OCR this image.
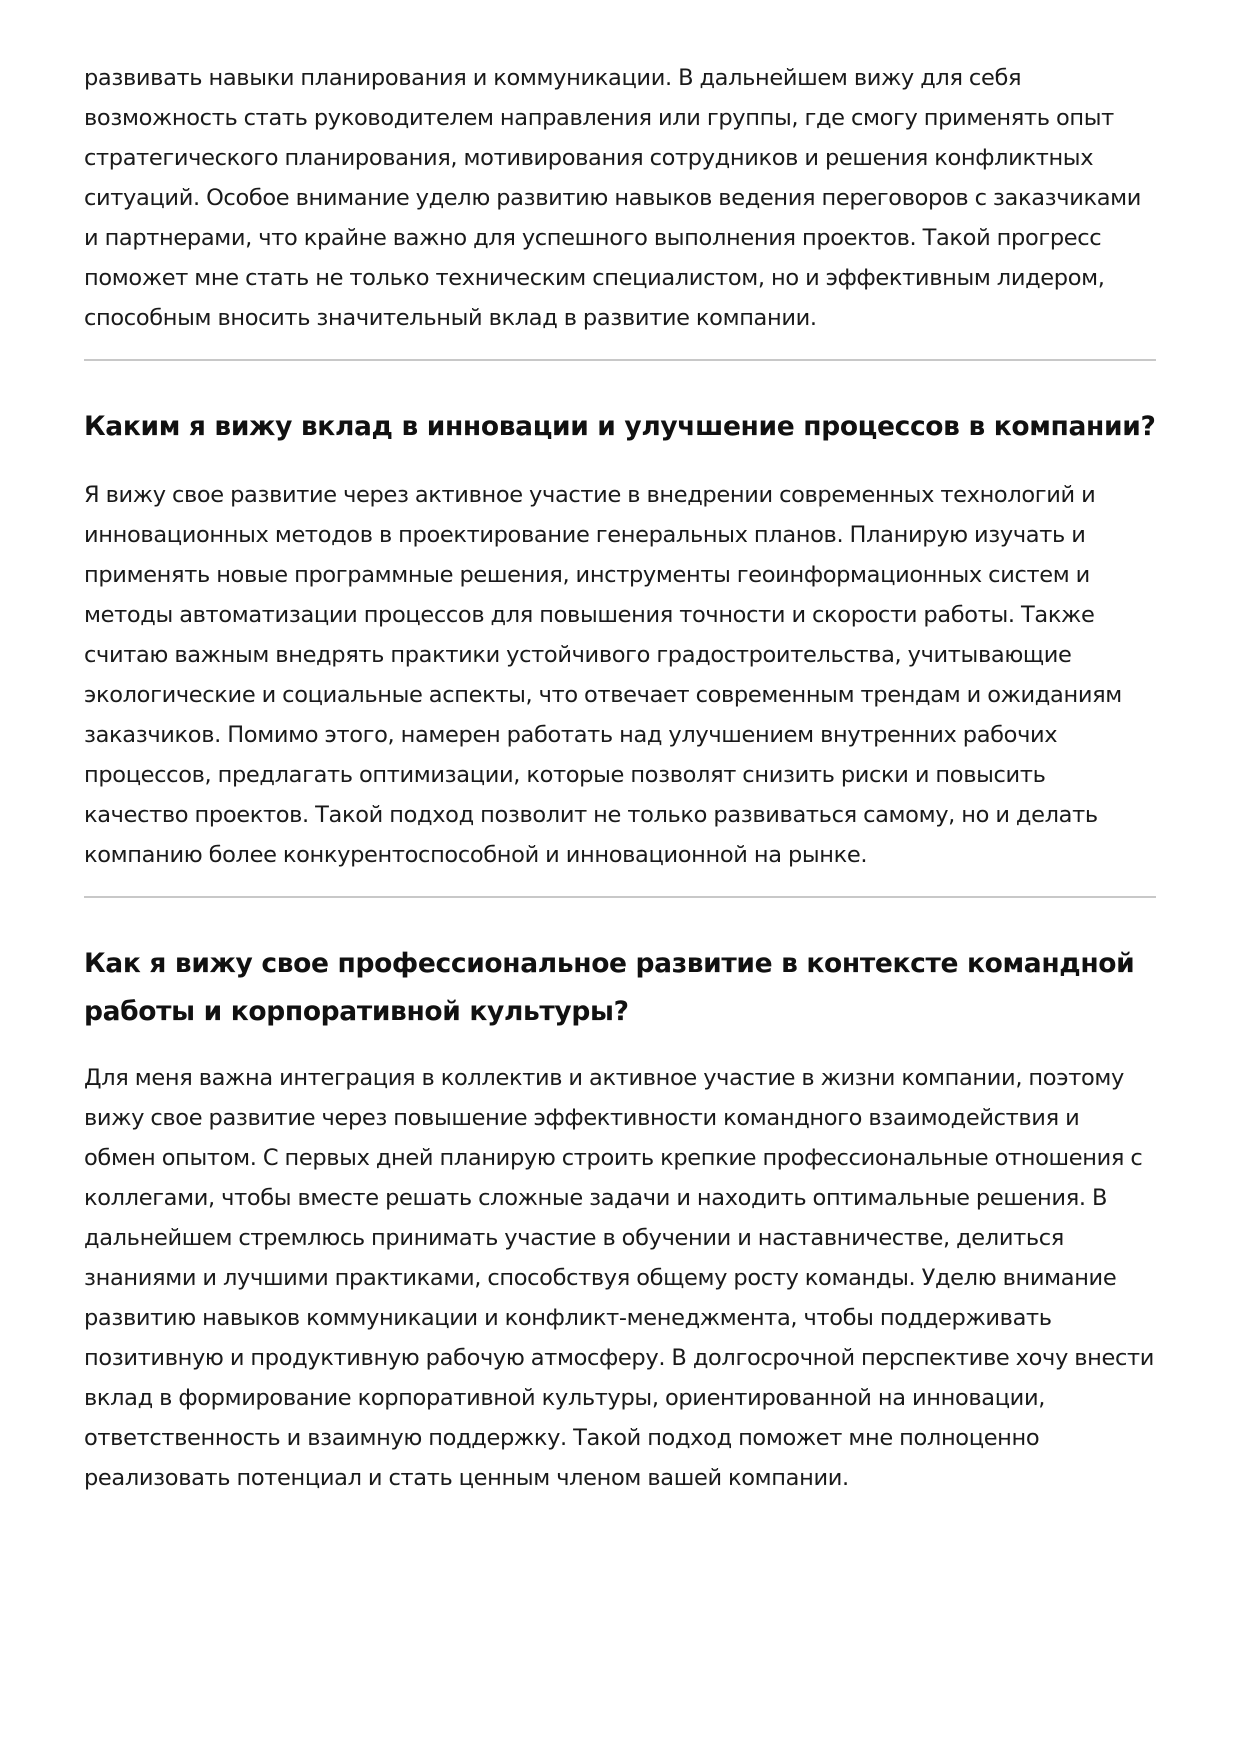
развивать навыки планирования и коммуникации. В дальнейшем вижу для себя возможность стать руководителем направления или группы, где смогу применять опыт стратегического планирования, мотивирования сотрудников и решения конфликтных ситуаций. Особое внимание уделю развитию навыков ведения переговоров с заказчиками и партнерами, что крайне важно для успешного выполнения проектов. Такой прогресс поможет мне стать не только техническим специалистом, но и эффективным лидером, способным вносить значительный вклад в развитие компании.

Каким я вижу вклад в инновации и улучшение процессов в компании?

Я вижу свое развитие через активное участие в внедрении современных технологий и инновационных методов в проектирование генеральных планов. Планирую изучать и применять новые программные решения, инструменты геоинформационных систем и методы автоматизации процессов для повышения точности и скорости работы. Также считаю важным внедрять практики устойчивого градостроительства, учитывающие экологические и социальные аспекты, что отвечает современным трендам и ожиданиям заказчиков. Помимо этого, намерен работать над улучшением внутренних рабочих процессов, предлагать оптимизации, которые позволят снизить риски и повысить качество проектов. Такой подход позволит не только развиваться самому, но и делать компанию более конкурентоспособной и инновационной на рынке.

Как я вижу свое профессиональное развитие в контексте командной работы и корпоративной культуры?

Для меня важна интеграция в коллектив и активное участие в жизни компании, поэтому вижу свое развитие через повышение эффективности командного взаимодействия и обмен опытом. С первых дней планирую строить крепкие профессиональные отношения с коллегами, чтобы вместе решать сложные задачи и находить оптимальные решения. В дальнейшем стремлюсь принимать участие в обучении и наставничестве, делиться знаниями и лучшими практиками, способствуя общему росту команды. Уделю внимание развитию навыков коммуникации и конфликт-менеджмента, чтобы поддерживать позитивную и продуктивную рабочую атмосферу. В долгосрочной перспективе хочу внести вклад в формирование корпоративной культуры, ориентированной на инновации, ответственность и взаимную поддержку. Такой подход поможет мне полноценно реализовать потенциал и стать ценным членом вашей компании.
